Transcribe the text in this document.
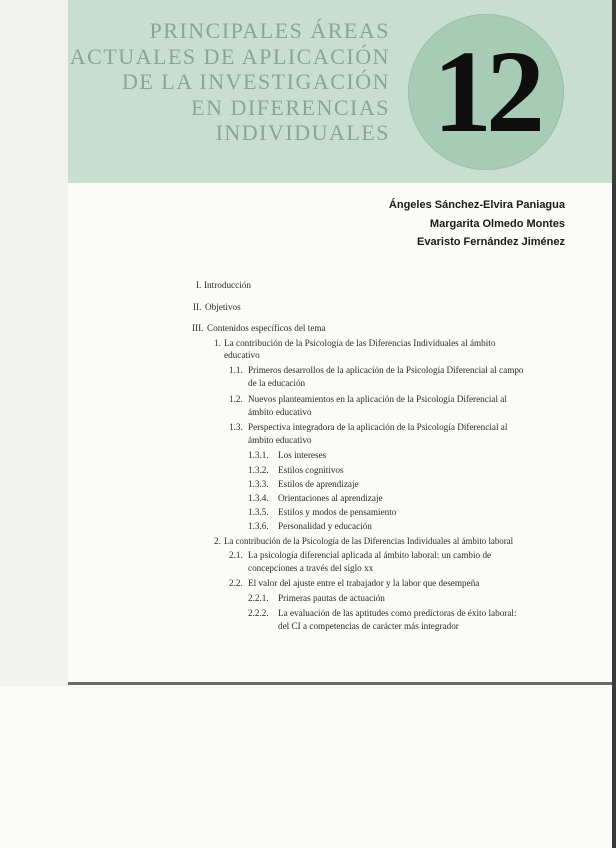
PRINCIPALES ÁREAS
ACTUALES DE APLICACIÓN
DE LA INVESTIGACIÓN
EN DIFERENCIAS
INDIVIDUALES 12
Ángeles Sánchez-Elvira Paniagua
Margarita Olmedo Montes
Evaristo Fernández Jiménez
I. Introducción
II. Objetivos
III. Contenidos específicos del tema
1. La contribución de la Psicología de las Diferencias Individuales al ámbito
educativo
1.1. Primeros desarrollos de la aplicación de la Psicología Diferencial al campo
de la educación
1.2. Nuevos planteamientos en la aplicación de la Psicología Diferencial al
ámbito educativo
1.3. Perspectiva integradora de la aplicación de la Psicología Diferencial al
ámbito educativo
1.3.1. Los intereses
1.3.2. Estilos cognitivos
1.3.3. Estilos de aprendizaje
1.3.4. Orientaciones al aprendizaje
1.3.5. Estilos y modos de pensamiento
1.3.6. Personalidad y educación
2. La contribución de la Psicología de las Diferencias Individuales al ámbito laboral
2.1. La psicología diferencial aplicada al ámbito laboral: un cambio de
concepciones a través del siglo xx
2.2. El valor del ajuste entre el trabajador y la labor que desempeña
2.2.1. Primeras pautas de actuación
2.2.2. La evaluación de las aptitudes como predictoras de éxito laboral:
del CI a competencias de carácter más integrador
